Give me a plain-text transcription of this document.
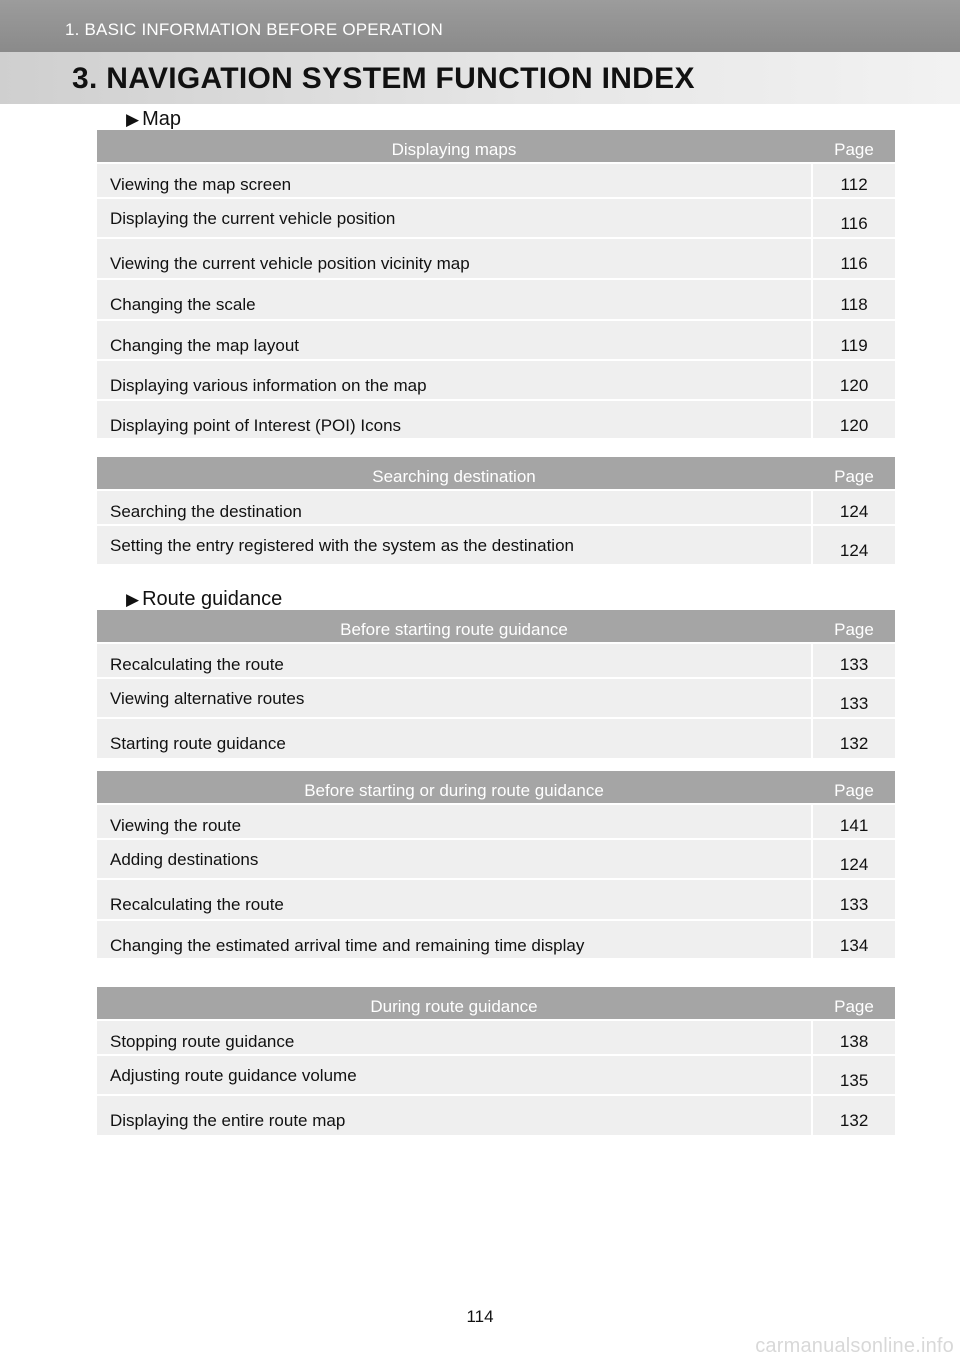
1. BASIC INFORMATION BEFORE OPERATION
3. NAVIGATION SYSTEM FUNCTION INDEX
▶ Map
Displaying maps	Page
Viewing the map screen	112
Displaying the current vehicle position	116
Viewing the current vehicle position vicinity map	116
Changing the scale	118
Changing the map layout	119
Displaying various information on the map	120
Displaying point of Interest (POI) Icons	120
Searching destination	Page
Searching the destination	124
Setting the entry registered with the system as the destination	124
▶ Route guidance
Before starting route guidance	Page
Recalculating the route	133
Viewing alternative routes	133
Starting route guidance	132
Before starting or during route guidance	Page
Viewing the route	141
Adding destinations	124
Recalculating the route	133
Changing the estimated arrival time and remaining time display	134
During route guidance	Page
Stopping route guidance	138
Adjusting route guidance volume	135
Displaying the entire route map	132
114
carmanualsonline.info
